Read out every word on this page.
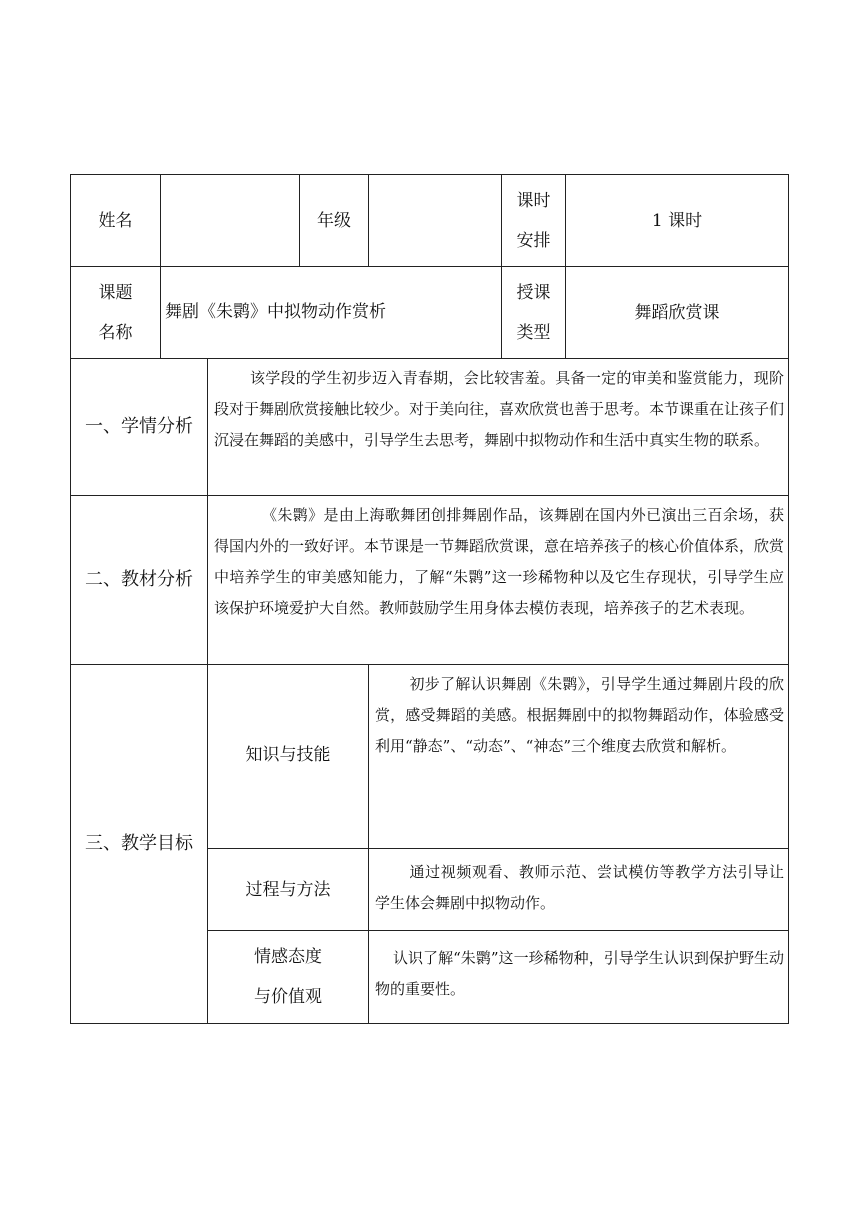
姓名	年级
课时
安排
1 课时
课题
名称
舞剧《朱鹮》中拟物动作赏析
授课
类型
舞蹈欣赏课
一、学情分析
该学段的学生初步迈入青春期，会比较害羞。具备一定的审美和鉴赏能力，现阶段对于舞剧欣赏接触比较少。对于美向往，喜欢欣赏也善于思考。本节课重在让孩子们沉浸在舞蹈的美感中，引导学生去思考，舞剧中拟物动作和生活中真实生物的联系。
二、教材分析
《朱鹮》是由上海歌舞团创排舞剧作品，该舞剧在国内外已演出三百余场，获得国内外的一致好评。本节课是一节舞蹈欣赏课，意在培养孩子的核心价值体系，欣赏中培养学生的审美感知能力，了解“朱鹮”这一珍稀物种以及它生存现状，引导学生应该保护环境爱护大自然。教师鼓励学生用身体去模仿表现，培养孩子的艺术表现。
三、教学目标
知识与技能
初步了解认识舞剧《朱鹮》，引导学生通过舞剧片段的欣赏，感受舞蹈的美感。根据舞剧中的拟物舞蹈动作，体验感受利用“静态”、“动态”、“神态”三个维度去欣赏和解析。
过程与方法
通过视频观看、教师示范、尝试模仿等教学方法引导让学生体会舞剧中拟物动作。
情感态度
与价值观
认识了解“朱鹮”这一珍稀物种，引导学生认识到保护野生动物的重要性。
